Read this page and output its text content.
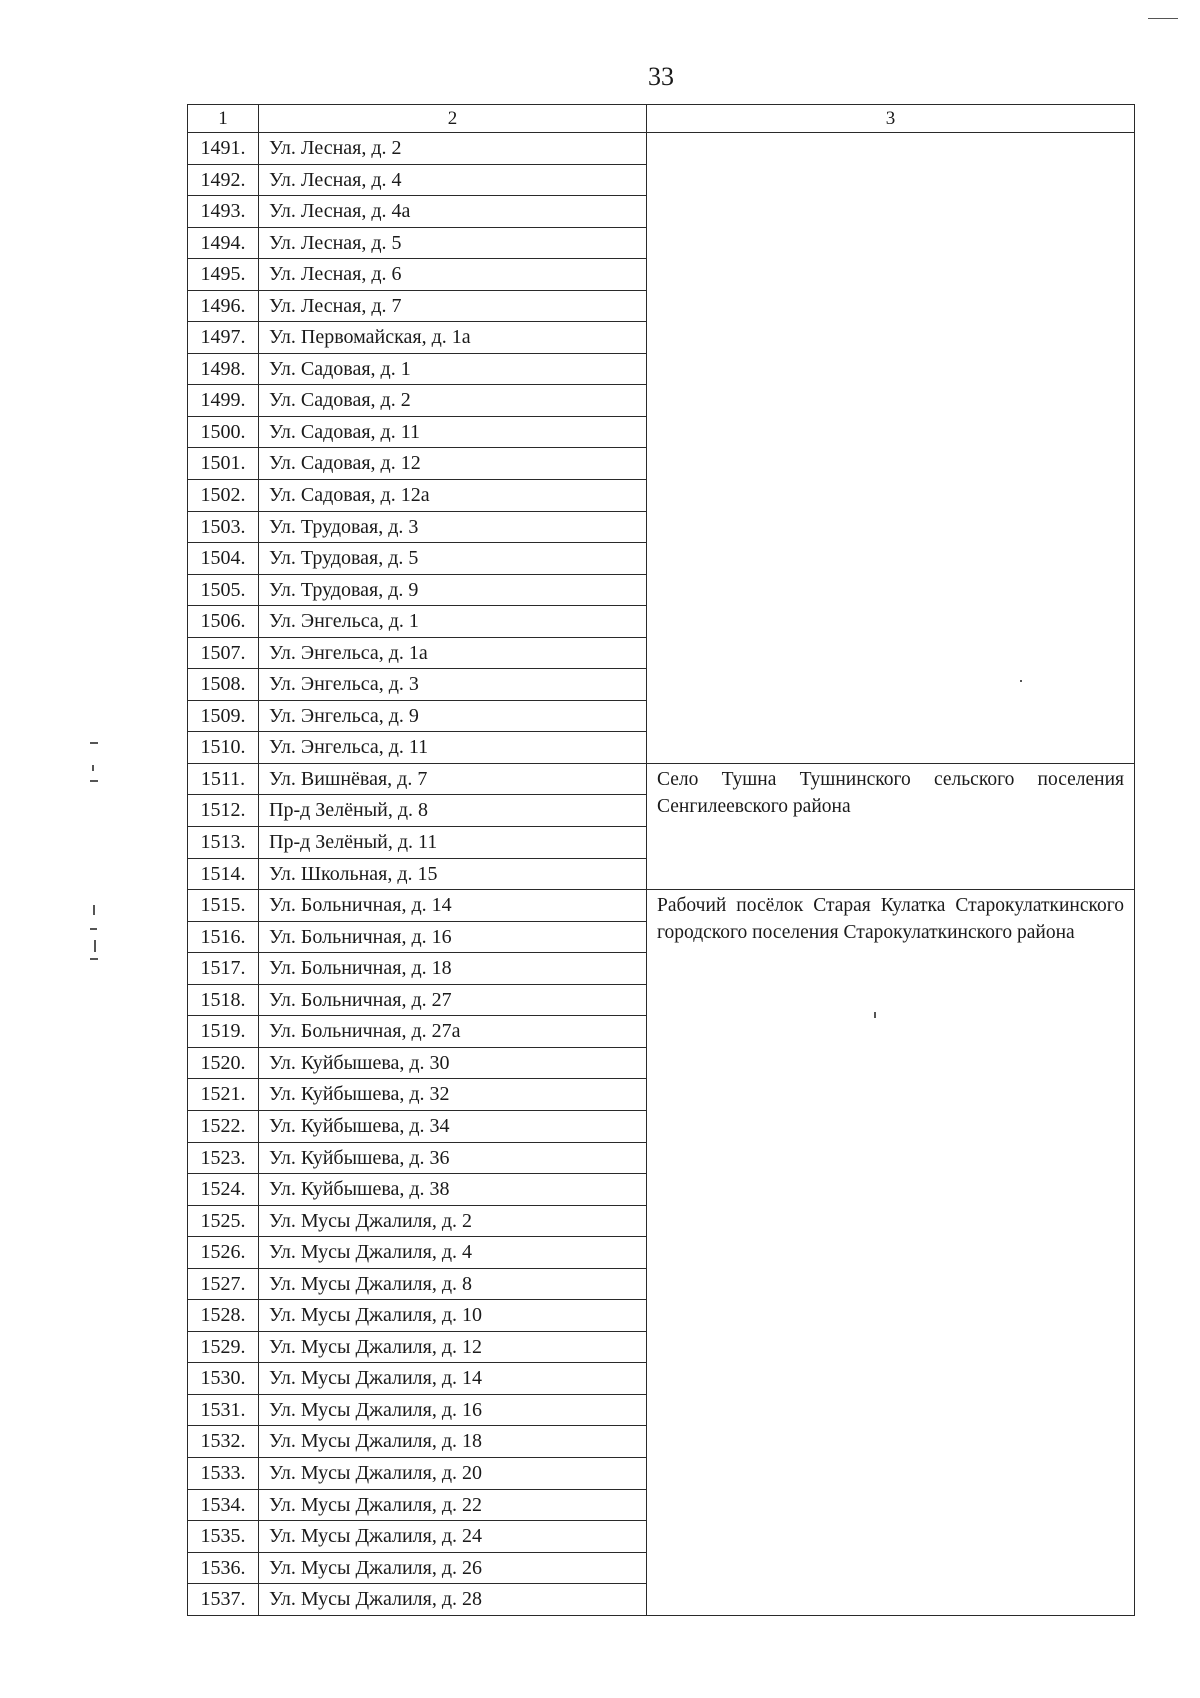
33
1	2	3
1491.	Ул. Лесная, д. 2	
1492.	Ул. Лесная, д. 4	
1493.	Ул. Лесная, д. 4а	
1494.	Ул. Лесная, д. 5	
1495.	Ул. Лесная, д. 6	
1496.	Ул. Лесная, д. 7	
1497.	Ул. Первомайская, д. 1а	
1498.	Ул. Садовая, д. 1	
1499.	Ул. Садовая, д. 2	
1500.	Ул. Садовая, д. 11	
1501.	Ул. Садовая, д. 12	
1502.	Ул. Садовая, д. 12а	
1503.	Ул. Трудовая, д. 3	
1504.	Ул. Трудовая, д. 5	
1505.	Ул. Трудовая, д. 9	
1506.	Ул. Энгельса, д. 1	
1507.	Ул. Энгельса, д. 1а	
1508.	Ул. Энгельса, д. 3	
1509.	Ул. Энгельса, д. 9	
1510.	Ул. Энгельса, д. 11	
1511.	Ул. Вишнёвая, д. 7	Село Тушна Тушнинского сельского поселения Сенгилеевского района
1512.	Пр-д Зелёный, д. 8	
1513.	Пр-д Зелёный, д. 11	
1514.	Ул. Школьная, д. 15	
1515.	Ул. Больничная, д. 14	Рабочий посёлок Старая Кулатка Старокулаткинского городского поселения Старокулаткинского района
1516.	Ул. Больничная, д. 16	
1517.	Ул. Больничная, д. 18	
1518.	Ул. Больничная, д. 27	
1519.	Ул. Больничная, д. 27а	
1520.	Ул. Куйбышева, д. 30	
1521.	Ул. Куйбышева, д. 32	
1522.	Ул. Куйбышева, д. 34	
1523.	Ул. Куйбышева, д. 36	
1524.	Ул. Куйбышева, д. 38	
1525.	Ул. Мусы Джалиля, д. 2	
1526.	Ул. Мусы Джалиля, д. 4	
1527.	Ул. Мусы Джалиля, д. 8	
1528.	Ул. Мусы Джалиля, д. 10	
1529.	Ул. Мусы Джалиля, д. 12	
1530.	Ул. Мусы Джалиля, д. 14	
1531.	Ул. Мусы Джалиля, д. 16	
1532.	Ул. Мусы Джалиля, д. 18	
1533.	Ул. Мусы Джалиля, д. 20	
1534.	Ул. Мусы Джалиля, д. 22	
1535.	Ул. Мусы Джалиля, д. 24	
1536.	Ул. Мусы Джалиля, д. 26	
1537.	Ул. Мусы Джалиля, д. 28	
